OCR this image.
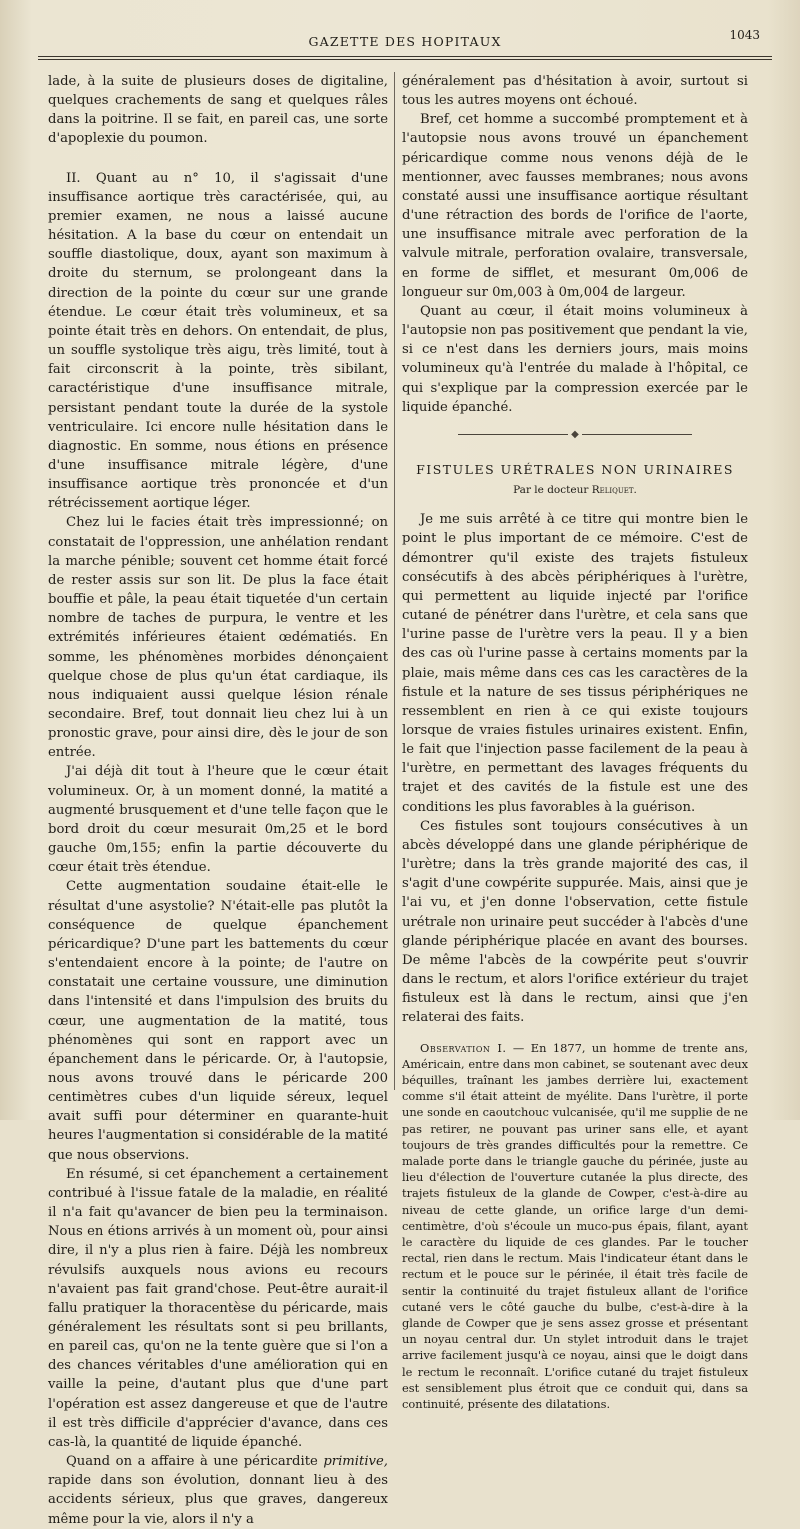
GAZETTE DES HOPITAUX	1043

lade, à la suite de plusieurs doses de digitaline, quelques crachements de sang et quelques râles dans la poitrine. Il se fait, en pareil cas, une sorte d'apoplexie du poumon.

II. Quant au n° 10, il s'agissait d'une insuffisance aortique très caractérisée, qui, au premier examen, ne nous a laissé aucune hésitation. A la base du cœur on entendait un souffle diastolique, doux, ayant son maximum à droite du sternum, se prolongeant dans la direction de la pointe du cœur sur une grande étendue. Le cœur était très volumineux, et sa pointe était très en dehors. On entendait, de plus, un souffle systolique très aigu, très limité, tout à fait circonscrit à la pointe, très sibilant, caractéristique d'une insuffisance mitrale, persistant pendant toute la durée de la systole ventriculaire. Ici encore nulle hésitation dans le diagnostic. En somme, nous étions en présence d'une insuffisance mitrale légère, d'une insuffisance aortique très prononcée et d'un rétrécissement aortique léger.

Chez lui le facies était très impressionné; on constatait de l'oppression, une anhélation rendant la marche pénible; souvent cet homme était forcé de rester assis sur son lit. De plus la face était bouffie et pâle, la peau était tiquetée d'un certain nombre de taches de purpura, le ventre et les extrémités inférieures étaient œdématiés. En somme, les phénomènes morbides dénonçaient quelque chose de plus qu'un état cardiaque, ils nous indiquaient aussi quelque lésion rénale secondaire. Bref, tout donnait lieu chez lui à un pronostic grave, pour ainsi dire, dès le jour de son entrée.

J'ai déjà dit tout à l'heure que le cœur était volumineux. Or, à un moment donné, la matité a augmenté brusquement et d'une telle façon que le bord droit du cœur mesurait 0m,25 et le bord gauche 0m,155; enfin la partie découverte du cœur était très étendue.

Cette augmentation soudaine était-elle le résultat d'une asystolie? N'était-elle pas plutôt la conséquence de quelque épanchement péricardique? D'une part les battements du cœur s'entendaient encore à la pointe; de l'autre on constatait une certaine voussure, une diminution dans l'intensité et dans l'impulsion des bruits du cœur, une augmentation de la matité, tous phénomènes qui sont en rapport avec un épanchement dans le péricarde. Or, à l'autopsie, nous avons trouvé dans le péricarde 200 centimètres cubes d'un liquide séreux, lequel avait suffi pour déterminer en quarante-huit heures l'augmentation si considérable de la matité que nous observions.

En résumé, si cet épanchement a certainement contribué à l'issue fatale de la maladie, en réalité il n'a fait qu'avancer de bien peu la terminaison. Nous en étions arrivés à un moment où, pour ainsi dire, il n'y a plus rien à faire. Déjà les nombreux révulsifs auxquels nous avions eu recours n'avaient pas fait grand'chose. Peut-être aurait-il fallu pratiquer la thoracentèse du péricarde, mais généralement les résultats sont si peu brillants, en pareil cas, qu'on ne la tente guère que si l'on a des chances véritables d'une amélioration qui en vaille la peine, d'autant plus que d'une part l'opération est assez dangereuse et que de l'autre il est très difficile d'apprécier d'avance, dans ces cas-là, la quantité de liquide épanché.

Quand on a affaire à une péricardite primitive, rapide dans son évolution, donnant lieu à des accidents sérieux, plus que graves, dangereux même pour la vie, alors il n'y a

généralement pas d'hésitation à avoir, surtout si tous les autres moyens ont échoué.

Bref, cet homme a succombé promptement et à l'autopsie nous avons trouvé un épanchement péricardique comme nous venons déjà de le mentionner, avec fausses membranes; nous avons constaté aussi une insuffisance aortique résultant d'une rétraction des bords de l'orifice de l'aorte, une insuffisance mitrale avec perforation de la valvule mitrale, perforation ovalaire, transversale, en forme de sifflet, et mesurant 0m,006 de longueur sur 0m,003 à 0m,004 de largeur.

Quant au cœur, il était moins volumineux à l'autopsie non pas positivement que pendant la vie, si ce n'est dans les derniers jours, mais moins volumineux qu'à l'entrée du malade à l'hôpital, ce qui s'explique par la compression exercée par le liquide épanché.

◆
FISTULES URÉTRALES NON URINAIRES
Par le docteur Reliquet.

Je me suis arrêté à ce titre qui montre bien le point le plus important de ce mémoire. C'est de démontrer qu'il existe des trajets fistuleux consécutifs à des abcès périphériques à l'urètre, qui permettent au liquide injecté par l'orifice cutané de pénétrer dans l'urètre, et cela sans que l'urine passe de l'urètre vers la peau. Il y a bien des cas où l'urine passe à certains moments par la plaie, mais même dans ces cas les caractères de la fistule et la nature de ses tissus périphériques ne ressemblent en rien à ce qui existe toujours lorsque de vraies fistules urinaires existent. Enfin, le fait que l'injection passe facilement de la peau à l'urètre, en permettant des lavages fréquents du trajet et des cavités de la fistule est une des conditions les plus favorables à la guérison.

Ces fistules sont toujours consécutives à un abcès développé dans une glande périphérique de l'urètre; dans la très grande majorité des cas, il s'agit d'une cowpérite suppurée. Mais, ainsi que je l'ai vu, et j'en donne l'observation, cette fistule urétrale non urinaire peut succéder à l'abcès d'une glande périphérique placée en avant des bourses. De même l'abcès de la cowpérite peut s'ouvrir dans le rectum, et alors l'orifice extérieur du trajet fistuleux est là dans le rectum, ainsi que j'en relaterai des faits.

Observation I. — En 1877, un homme de trente ans, Américain, entre dans mon cabinet, se soutenant avec deux béquilles, traînant les jambes derrière lui, exactement comme s'il était atteint de myélite. Dans l'urètre, il porte une sonde en caoutchouc vulcanisée, qu'il me supplie de ne pas retirer, ne pouvant pas uriner sans elle, et ayant toujours de très grandes difficultés pour la remettre. Ce malade porte dans le triangle gauche du périnée, juste au lieu d'élection de l'ouverture cutanée la plus directe, des trajets fistuleux de la glande de Cowper, c'est-à-dire au niveau de cette glande, un orifice large d'un demi-centimètre, d'où s'écoule un muco-pus épais, filant, ayant le caractère du liquide de ces glandes. Par le toucher rectal, rien dans le rectum. Mais l'indicateur étant dans le rectum et le pouce sur le périnée, il était très facile de sentir la continuité du trajet fistuleux allant de l'orifice cutané vers le côté gauche du bulbe, c'est-à-dire à la glande de Cowper que je sens assez grosse et présentant un noyau central dur. Un stylet introduit dans le trajet arrive facilement jusqu'à ce noyau, ainsi que le doigt dans le rectum le reconnaît. L'orifice cutané du trajet fistuleux est sensiblement plus étroit que ce conduit qui, dans sa continuité, présente des dilatations.
